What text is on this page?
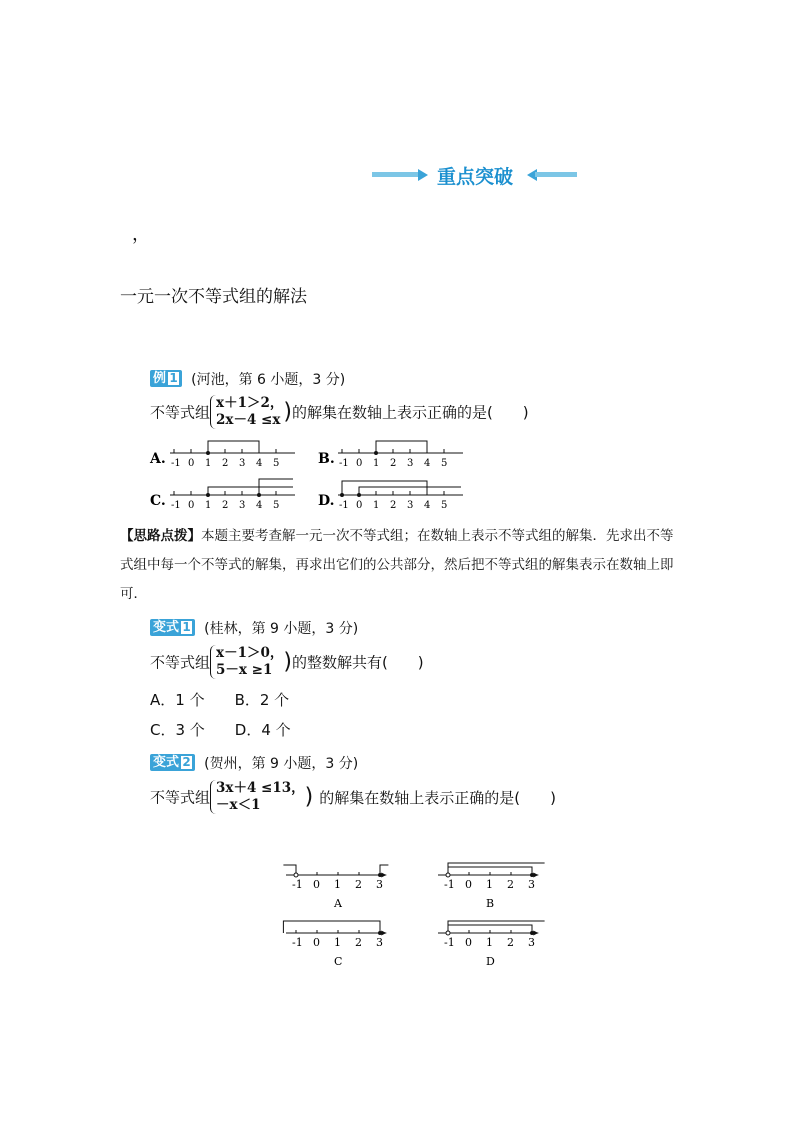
重点突破
，
一元一次不等式组的解法
例 1 (河池，第 6 小题，3 分)
不等式组
x＋1＞2，
2x－4 ≤x )的解集在数轴上表示正确的是(　　)
A. -1 0 1 2 3 4 5	B. -1 0 1 2 3 4 5
C. -1 0 1 2 3 4 5	D. -1 0 1 2 3 4 5
【思路点拨】本题主要考查解一元一次不等式组；在数轴上表示不等式组的解集．先求出不等式组中每一个不等式的解集，再求出它们的公共部分，然后把不等式组的解集表示在数轴上即可．
变式 1 (桂林，第 9 小题，3 分)
不等式组
x－1＞0，
5－x ≥1 )的整数解共有(　　)
A．1 个　　B．2 个
C．3 个　　D．4 个
变式 2 (贺州，第 9 小题，3 分)
不等式组
3x＋4 ≤13，
－x＜1	) 的解集在数轴上表示正确的是(　　)
-1 0 1 2 3
A
-1 0 1 2 3
B
-1 0 1 2 3
C
-1 0 1 2 3
D
